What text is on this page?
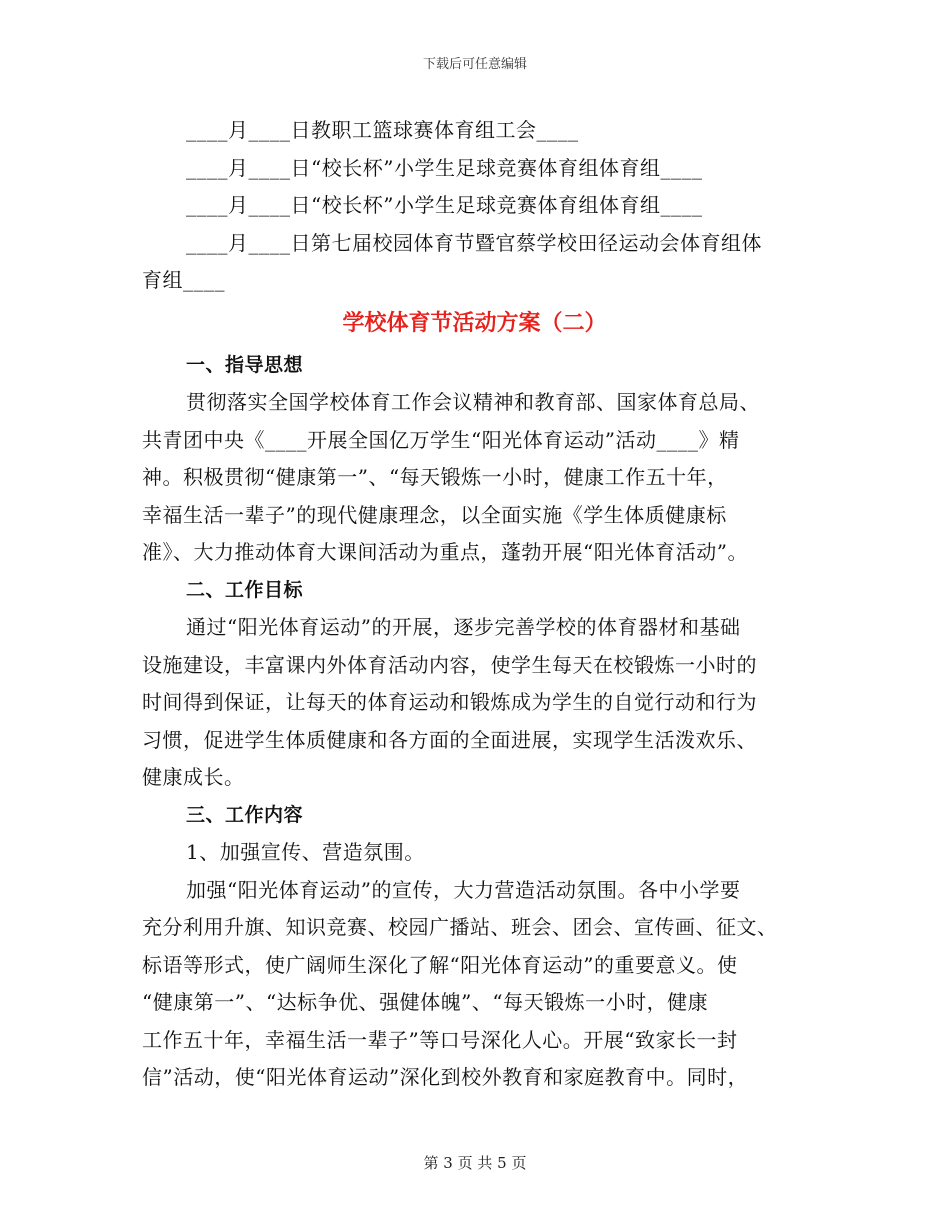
下载后可任意编辑
____月____日教职工篮球赛体育组工会____
____月____日“校长杯”小学生足球竞赛体育组体育组____
____月____日“校长杯”小学生足球竞赛体育组体育组____
____月____日第七届校园体育节暨官蔡学校田径运动会体育组体
育组____
学校体育节活动方案（二）
一、指导思想
贯彻落实全国学校体育工作会议精神和教育部、国家体育总局、
共青团中央《____开展全国亿万学生“阳光体育运动”活动____》精
神。积极贯彻“健康第一”、“每天锻炼一小时，健康工作五十年，
幸福生活一辈子”的现代健康理念，以全面实施《学生体质健康标
准》、大力推动体育大课间活动为重点，蓬勃开展“阳光体育活动”。
二、工作目标
通过“阳光体育运动”的开展，逐步完善学校的体育器材和基础
设施建设，丰富课内外体育活动内容，使学生每天在校锻炼一小时的
时间得到保证，让每天的体育运动和锻炼成为学生的自觉行动和行为
习惯，促进学生体质健康和各方面的全面进展，实现学生活泼欢乐、
健康成长。
三、工作内容
1、加强宣传、营造氛围。
加强“阳光体育运动”的宣传，大力营造活动氛围。各中小学要
充分利用升旗、知识竞赛、校园广播站、班会、团会、宣传画、征文、
标语等形式，使广阔师生深化了解“阳光体育运动”的重要意义。使
“健康第一”、“达标争优、强健体魄”、“每天锻炼一小时，健康
工作五十年，幸福生活一辈子”等口号深化人心。开展“致家长一封
信”活动，使“阳光体育运动”深化到校外教育和家庭教育中。同时，
第 3 页 共 5 页
